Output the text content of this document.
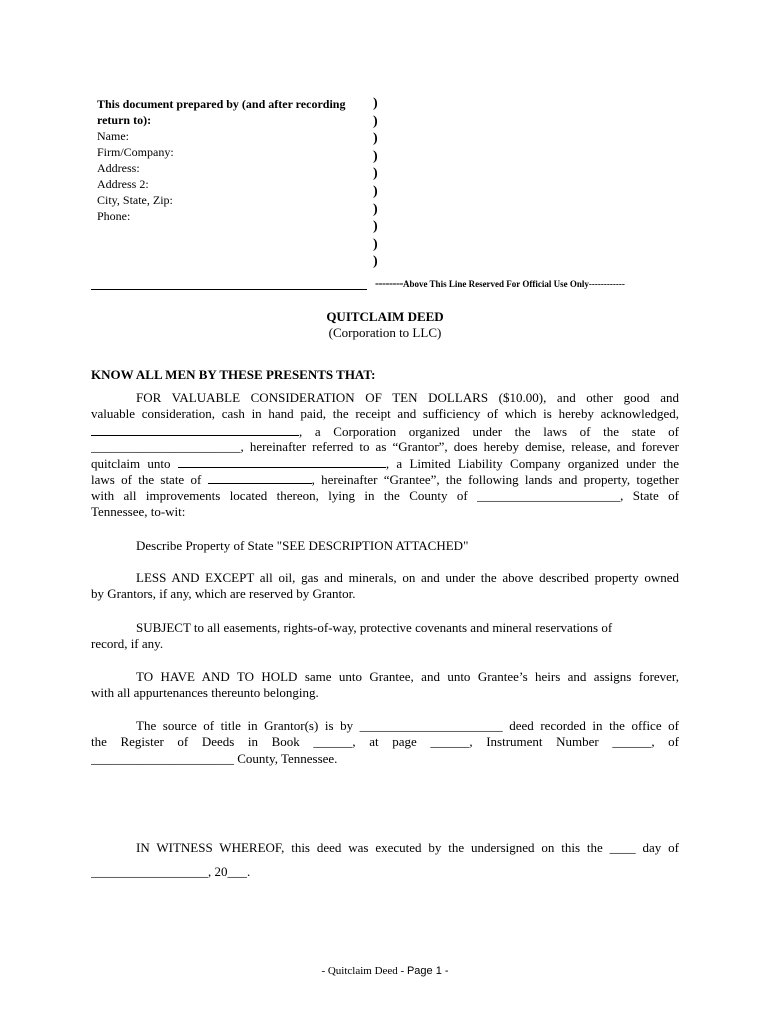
This document prepared by (and after recording return to):
Name:
Firm/Company:
Address:
Address 2:
City, State, Zip:
Phone:
)
)
)
)
)
)
)
)
)
)
--------Above This Line Reserved For Official Use Only------------
QUITCLAIM DEED
(Corporation to LLC)
KNOW ALL MEN BY THESE PRESENTS THAT:
FOR VALUABLE CONSIDERATION OF TEN DOLLARS ($10.00), and other good and
valuable consideration, cash in hand paid, the receipt and sufficiency of which is hereby acknowledged,
, a Corporation organized under the laws of the state of
_______________________, hereinafter referred to as “Grantor”, does hereby demise, release, and forever
quitclaim unto	, a Limited Liability Company organized under the
laws of the state of	, hereinafter “Grantee”, the following lands and property, together
with all improvements located thereon, lying in the County of ______________________, State of
Tennessee, to-wit:
Describe Property of State "SEE DESCRIPTION ATTACHED"
LESS AND EXCEPT all oil, gas and minerals, on and under the above described property owned
by Grantors, if any, which are reserved by Grantor.
SUBJECT to all easements, rights-of-way, protective covenants and mineral reservations of
record, if any.
TO HAVE AND TO HOLD same unto Grantee, and unto Grantee’s heirs and assigns forever,
with all appurtenances thereunto belonging.
The source of title in Grantor(s) is by ______________________ deed recorded in the office of
the Register of Deeds in Book ______, at page ______, Instrument Number ______, of
______________________ County, Tennessee.
IN WITNESS WHEREOF, this deed was executed by the undersigned on this the ____ day of
__________________, 20___.
- Quitclaim Deed - Page 1 -
